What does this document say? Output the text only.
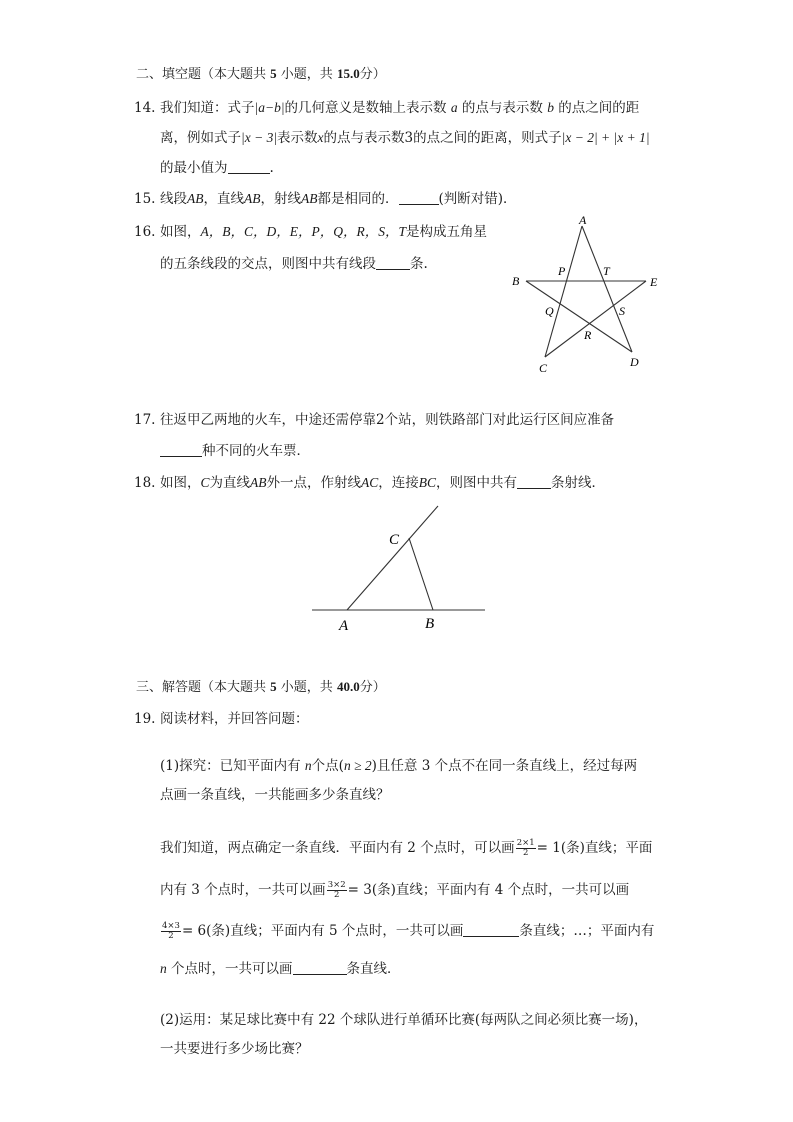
二、填空题（本大题共 5 小题，共 15.0分）
14. 我们知道：式子|a−b|的几何意义是数轴上表示数 a 的点与表示数 b 的点之间的距
离，例如式子|x − 3|表示数x的点与表示数3的点之间的距离，则式子|x − 2| + |x + 1|
的最小值为	.
15. 线段AB，直线AB，射线AB都是相同的．	(判断对错)．
16. 如图，A，B，C，D，E，P，Q，R，S，T是构成五角星
的五条线段的交点，则图中共有线段	条.
A
B
C	D
E
P
Q
R
S
T
17. 往返甲乙两地的火车，中途还需停靠2个站，则铁路部门对此运行区间应准备
种不同的火车票．
18. 如图，C为直线AB外一点，作射线AC，连接BC，则图中共有	条射线．
A	B
C
三、解答题（本大题共 5 小题，共 40.0分）
19. 阅读材料，并回答问题：
(1)探究：已知平面内有 n个点(n ≥ 2)且任意 3 个点不在同一条直线上，经过每两
点画一条直线，一共能画多少条直线？
我们知道，两点确定一条直线．平面内有 2 个点时，可以画 $\frac{2\times 1}{2} = 1$(条)直线；平面
内有 3 个点时，一共可以画 $\frac{3\times 2}{2} = 3$(条)直线；平面内有 4 个点时，一共可以画
$\frac{4\times 3}{2} = 6$(条)直线；平面内有 5 个点时，一共可以画	条直线；…；平面内有
n 个点时，一共可以画	条直线．
(2)运用：某足球比赛中有 22 个球队进行单循环比赛(每两队之间必须比赛一场)，
一共要进行多少场比赛？
